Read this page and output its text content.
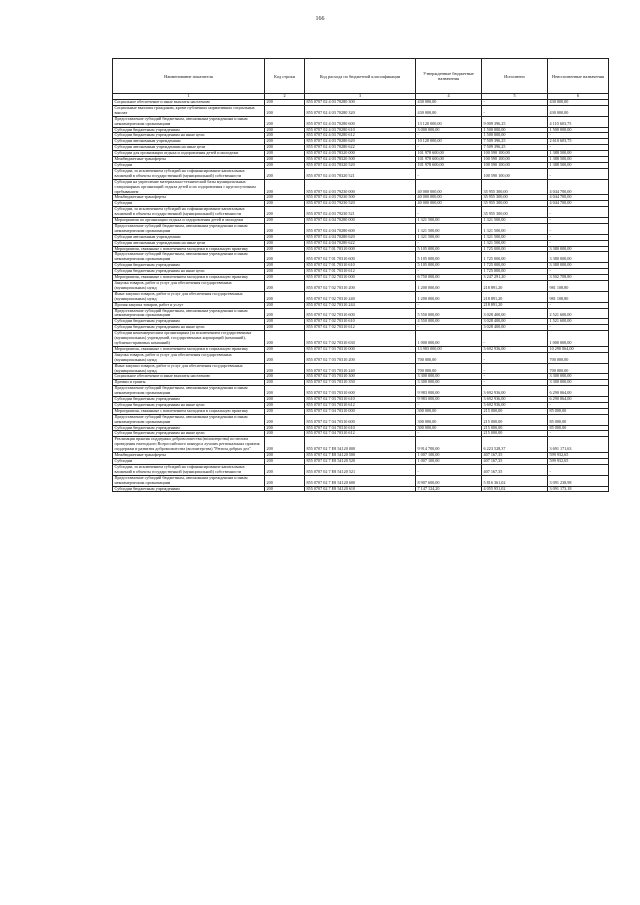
166
Наименование показателя	Код строки	Код расхода по бюджетной классификации	Утвержденные бюджетные назначения	Исполнено	Неисполненные назначения
1	2	3	4	5	6
Социальное обеспечение и иные выплаты населению	200	855 0707 02 4 03 70280 300	430 000,00	-	430 000,00
Социальные выплаты гражданам, кроме публичных нормативных социальных выплат	200	855 0707 02 4 03 70280 320	430 000,00	-	430 000,00
Предоставление субсидий бюджетным, автономным учреждениям и иным некоммерческим организациям	200	855 0707 02 4 03 70280 600	13 120 000,00	9 009 396,25	4 110 603,75
Субсидии бюджетным учреждениям	200	855 0707 02 4 03 70280 610	3 000 000,00	1 500 000,00	1 500 000,00
Субсидии бюджетным учреждениям на иные цели	200	855 0707 02 4 03 70280 612	-	1 500 000,00	-
Субсидии автономным учреждениям	200	855 0707 02 4 03 70280 620	10 120 000,00	7 509 396,25	2 610 603,75
Субсидии автономным учреждениям на иные цели	200	855 0707 02 4 03 70280 622	-	7 509 396,25	-
Субсидии для организации отдыха и оздоровления детей и молодежи	200	855 0707 02 4 03 78320 000	101 978 600,00	100 590 100,00	1 388 500,00
Межбюджетные трансферты	200	855 0707 02 4 03 78320 500	101 978 600,00	100 590 100,00	1 388 500,00
Субсидии	200	855 0707 02 4 03 78320 520	101 978 600,00	100 590 100,00	1 388 500,00
Субсидии, за исключением субсидий на софинансирование капитальных вложений в объекты государственной (муниципальной) собственности	200	855 0707 02 4 03 78320 521	-	100 590 100,00	-
Субсидии на укрепление материально-технической базы муниципальных стационарных организаций отдыха детей и их оздоровления с круглосуточным пребыванием	200	855 0707 02 4 03 79230 000	40 000 000,00	35 955 300,00	4 044 700,00
Межбюджетные трансферты	200	855 0707 02 4 03 79230 500	40 000 000,00	35 955 300,00	4 044 700,00
Субсидии	200	855 0707 02 4 03 79230 520	40 000 000,00	35 955 300,00	4 044 700,00
Субсидии, за исключением субсидий на софинансирование капитальных вложений в объекты государственной (муниципальной) собственности	200	855 0707 02 4 03 79230 521	-	35 955 300,00	-
Мероприятия по организации отдыха и оздоровления детей и молодежи	200	855 0707 02 4 04 70280 000	1 321 500,00	1 321 500,00	-
Предоставление субсидий бюджетным, автономным учреждениям и иным некоммерческим организациям	200	855 0707 02 4 04 70280 600	1 321 500,00	1 321 500,00	-
Субсидии автономным учреждениям	200	855 0707 02 4 04 70280 620	1 321 500,00	1 321 500,00	-
Субсидии автономным учреждениям на иные цели	200	855 0707 02 4 04 70280 622	-	1 321 500,00	-
Мероприятия, связанные с вовлечением молодежи в социальную практику	200	855 0707 02 7 01 70310 000	5 105 000,00	1 725 000,00	3 380 000,00
Предоставление субсидий бюджетным, автономным учреждениям и иным некоммерческим организациям	200	855 0707 02 7 01 70310 600	5 105 000,00	1 725 000,00	3 380 000,00
Субсидии бюджетным учреждениям	200	855 0707 02 7 01 70310 610	5 105 000,00	1 725 000,00	3 380 000,00
Субсидии бюджетным учреждениям на иные цели	200	855 0707 02 7 01 70310 612	-	1 725 000,00	-
Мероприятия, связанные с вовлечением молодежи в социальную практику	200	855 0707 02 7 02 70310 000	6 750 000,00	3 247 291,20	3 502 708,80
Закупка товаров, работ и услуг для обеспечения государственных (муниципальных) нужд	200	855 0707 02 7 02 70310 200	1 200 000,00	218 891,20	981 108,80
Иные закупки товаров, работ и услуг для обеспечения государственных (муниципальных) нужд	200	855 0707 02 7 02 70310 240	1 200 000,00	218 891,20	981 108,80
Прочая закупка товаров, работ и услуг	200	855 0707 02 7 02 70310 244	-	218 891,20	-
Предоставление субсидий бюджетным, автономным учреждениям и иным некоммерческим организациям	200	855 0707 02 7 02 70310 600	5 550 000,00	3 028 400,00	2 521 600,00
Субсидии бюджетным учреждениям	200	855 0707 02 7 02 70310 610	4 550 000,00	3 028 400,00	1 521 600,00
Субсидии бюджетным учреждениям на иные цели	200	855 0707 02 7 02 70310 612	-	3 028 400,00	-
Субсидии некоммерческим организациям (за исключением государственных (муниципальных) учреждений, государственных корпораций (компаний), публично-правовых компаний)	200	855 0707 02 7 02 70310 630	1 000 000,00	-	1 000 000,00
Мероприятия, связанные с вовлечением молодежи в социальную практику	200	855 0707 02 7 03 70310 000	13 983 000,00	3 692 936,00	10 290 064,00
Закупка товаров, работ и услуг для обеспечения государственных (муниципальных) нужд	200	855 0707 02 7 03 70310 200	700 000,00	-	700 000,00
Иные закупки товаров, работ и услуг для обеспечения государственных (муниципальных) нужд	200	855 0707 02 7 03 70310 240	700 000,00	-	700 000,00
Социальное обеспечение и иные выплаты населению	200	855 0707 02 7 03 70310 300	3 300 000,00	-	3 300 000,00
Премии и гранты	200	855 0707 02 7 03 70310 350	3 300 000,00	-	3 300 000,00
Предоставление субсидий бюджетным, автономным учреждениям и иным некоммерческим организациям	200	855 0707 02 7 03 70310 600	9 983 000,00	3 692 936,00	6 290 064,00
Субсидии бюджетным учреждениям	200	855 0707 02 7 03 70310 610	9 983 000,00	3 692 936,00	6 290 064,00
Субсидии бюджетным учреждениям на иные цели	200	855 0707 02 7 03 70310 612	-	3 692 936,00	-
Мероприятия, связанные с вовлечением молодежи в социальную практику	200	855 0707 02 7 04 70310 000	300 000,00	215 000,00	85 000,00
Предоставление субсидий бюджетным, автономным учреждениям и иным некоммерческим организациям	200	855 0707 02 7 04 70310 600	300 000,00	215 000,00	85 000,00
Субсидии бюджетным учреждениям	200	855 0707 02 7 04 70310 610	300 000,00	215 000,00	85 000,00
Субсидии бюджетным учреждениям на иные цели	200	855 0707 02 7 04 70310 612	-	215 000,00	-
Реализация практик поддержки добровольчества (волонтерства) по итогам проведения ежегодного Всероссийского конкурса лучших региональных практик поддержки и развития добровольчества (волонтерства) "Регион добрых дел"	200	855 0707 02 7 E8 54120 000	9 914 700,00	6 223 528,37	3 691 171,63
Межбюджетные трансферты	200	855 0707 02 7 E8 54120 500	1 007 100,00	407 167,35	599 932,65
Субсидии	200	855 0707 02 7 E8 54120 520	1 007 100,00	407 167,35	599 932,65
Субсидии, за исключением субсидий на софинансирование капитальных вложений в объекты государственной (муниципальной) собственности	200	855 0707 02 7 E8 54120 521	-	407 167,35	-
Предоставление субсидий бюджетным, автономным учреждениям и иным некоммерческим организациям	200	855 0707 02 7 E8 54120 600	8 907 600,00	5 816 361,02	3 091 238,98
Субсидии бюджетным учреждениям	200	855 0707 02 7 E8 54120 610	7 147 124,20	4 055 951,02	3 091 173,18
